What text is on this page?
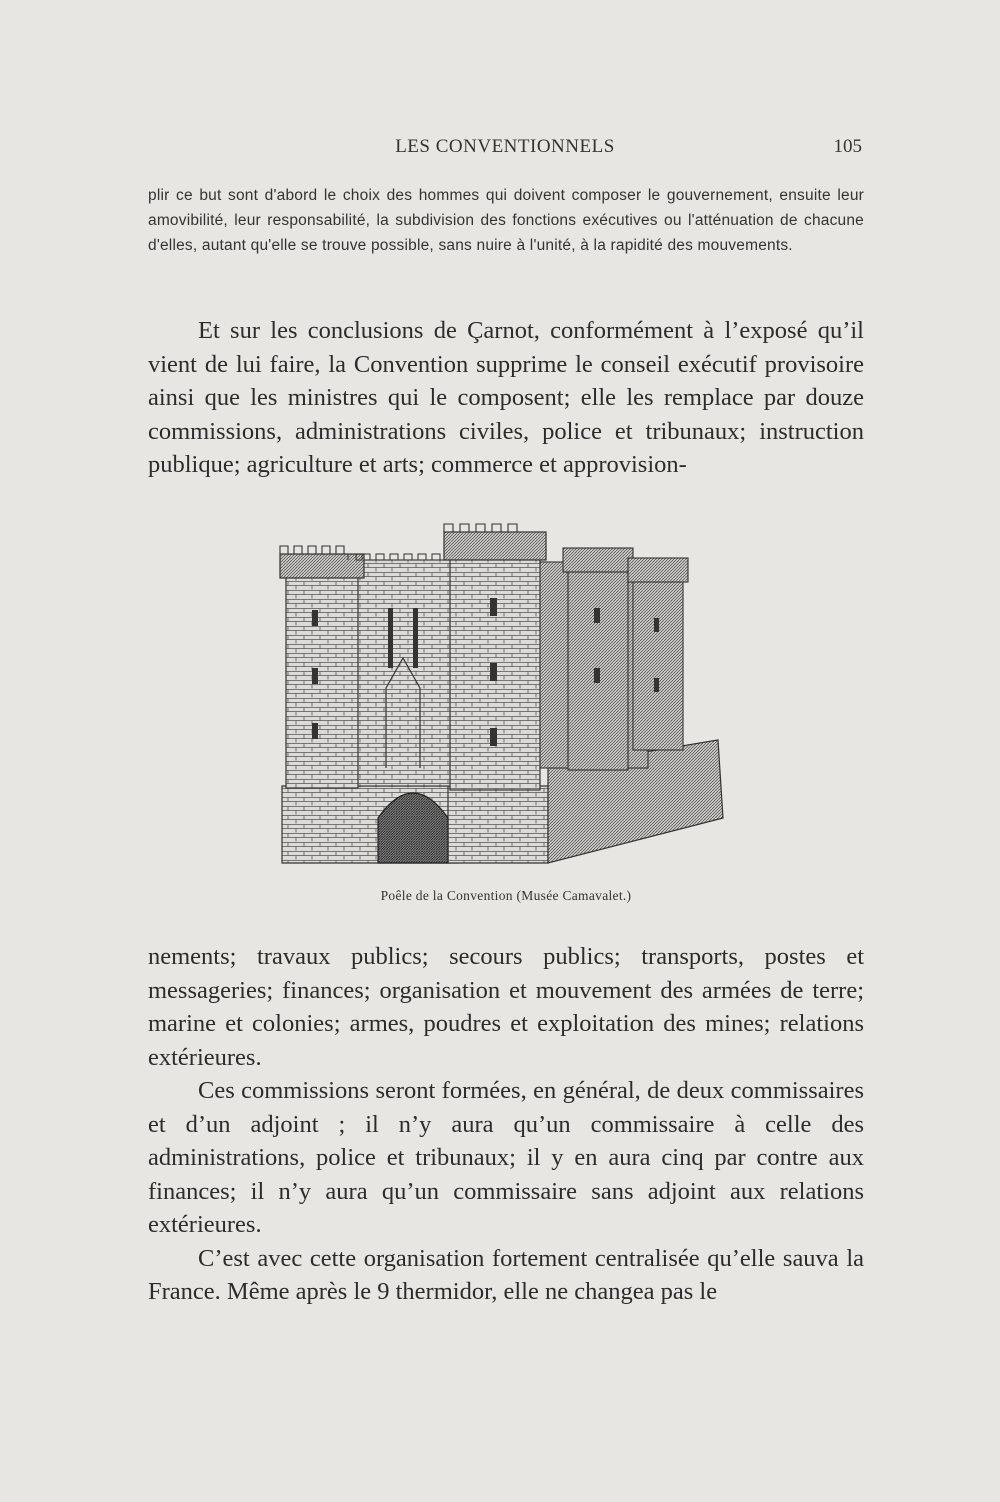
LES CONVENTIONNELS	105
plir ce but sont d'abord le choix des hommes qui doivent composer le gouvernement, ensuite leur amovibilité, leur responsabilité, la subdivision des fonctions exécutives ou l'atténuation de chacune d'elles, autant qu'elle se trouve possible, sans nuire à l'unité, à la rapidité des mouvements.

Et sur les conclusions de Çarnot, conformément à l’exposé qu’il vient de lui faire, la Convention supprime le conseil exécutif provisoire ainsi que les ministres qui le composent; elle les remplace par douze commissions, administrations civiles, police et tribunaux; instruction publique; agriculture et arts; commerce et approvision-

Poêle de la Convention (Musée Camavalet.)

nements; travaux publics; secours publics; transports, postes et messageries; finances; organisation et mouvement des armées de terre; marine et colonies; armes, poudres et exploitation des mines; relations extérieures.

Ces commissions seront formées, en général, de deux commissaires et d’un adjoint ; il n’y aura qu’un commissaire à celle des administrations, police et tribunaux; il y en aura cinq par contre aux finances; il n’y aura qu’un commissaire sans adjoint aux relations extérieures.

C’est avec cette organisation fortement centralisée qu’elle sauva la France. Même après le 9 thermidor, elle ne changea pas le
